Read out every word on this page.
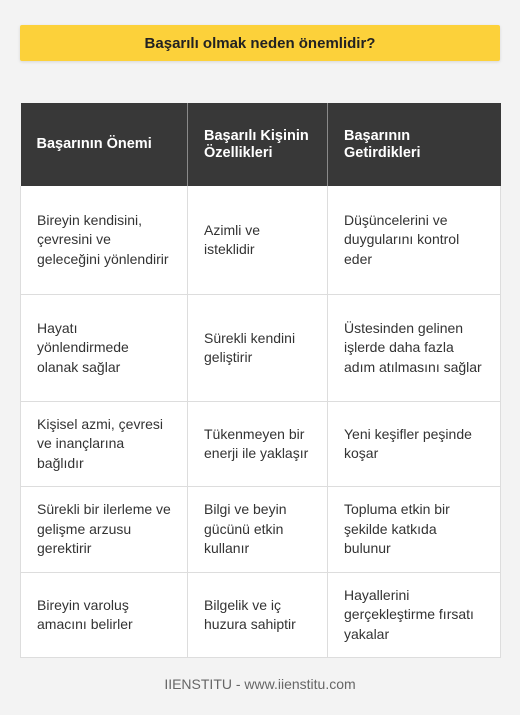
Başarılı olmak neden önemlidir?
Başarının Önemi	Başarılı Kişinin Özellikleri	Başarının Getirdikleri
Bireyin kendisini, çevresini ve geleceğini yönlendirir	Azimli ve isteklidir	Düşüncelerini ve duygularını kontrol eder
Hayatı yönlendirmede olanak sağlar	Sürekli kendini geliştirir	Üstesinden gelinen işlerde daha fazla adım atılmasını sağlar
Kişisel azmi, çevresi ve inançlarına bağlıdır	Tükenmeyen bir enerji ile yaklaşır	Yeni keşifler peşinde koşar
Sürekli bir ilerleme ve gelişme arzusu gerektirir	Bilgi ve beyin gücünü etkin kullanır	Topluma etkin bir şekilde katkıda bulunur
Bireyin varoluş amacını belirler	Bilgelik ve iç huzura sahiptir	Hayallerini gerçekleştirme fırsatı yakalar
IIENSTITU - www.iienstitu.com
